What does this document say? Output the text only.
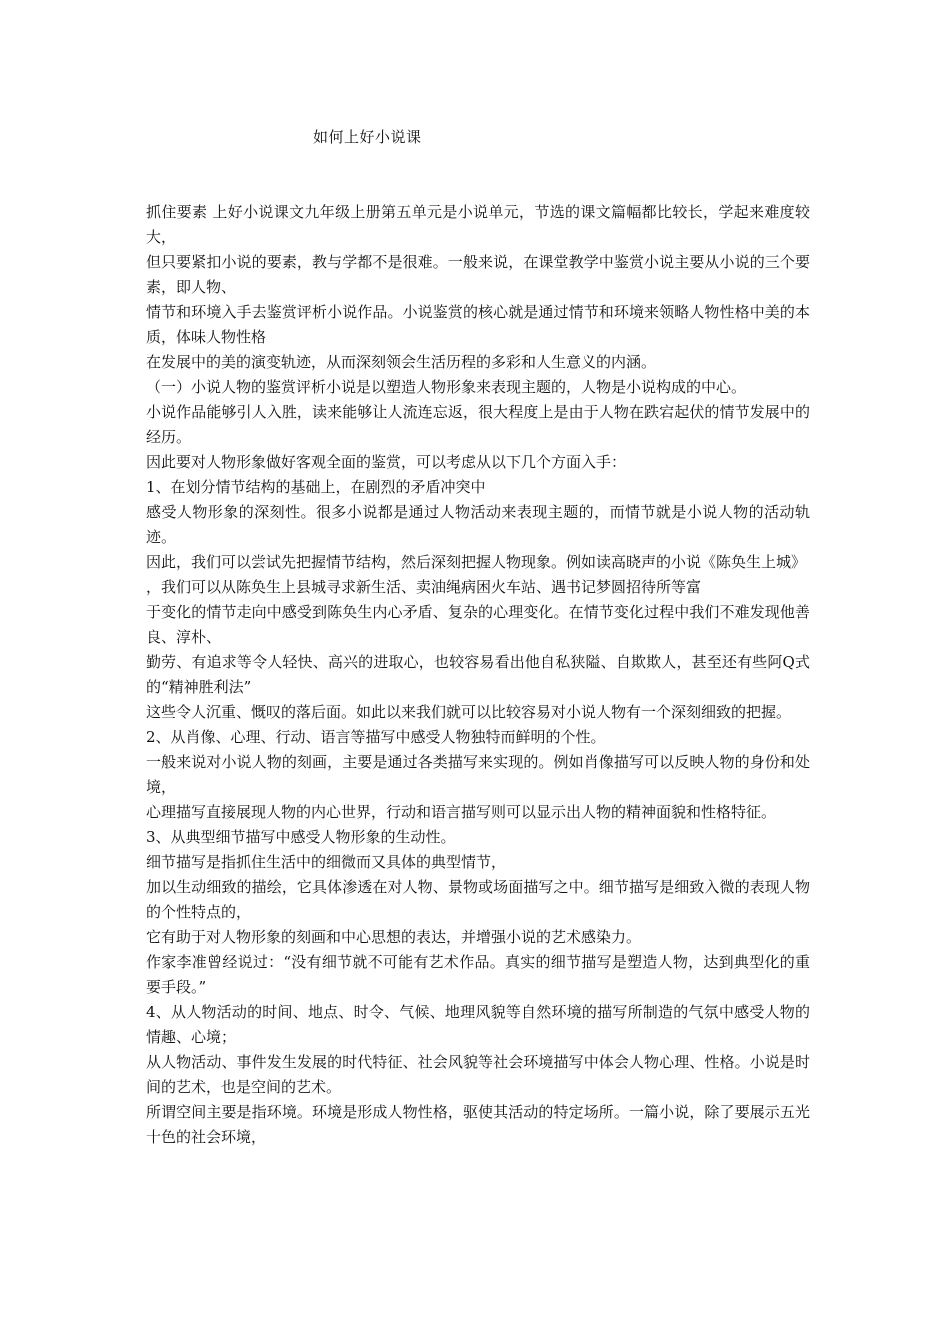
如何上好小说课

抓住要素 上好小说课文九年级上册第五单元是小说单元，节选的课文篇幅都比较长，学起来难度较大，

但只要紧扣小说的要素，教与学都不是很难。一般来说，在课堂教学中鉴赏小说主要从小说的三个要素，即人物、

情节和环境入手去鉴赏评析小说作品。小说鉴赏的核心就是通过情节和环境来领略人物性格中美的本质，体味人物性格

在发展中的美的演变轨迹，从而深刻领会生活历程的多彩和人生意义的内涵。

（一）小说人物的鉴赏评析小说是以塑造人物形象来表现主题的，人物是小说构成的中心。

小说作品能够引人入胜，读来能够让人流连忘返，很大程度上是由于人物在跌宕起伏的情节发展中的经历。

因此要对人物形象做好客观全面的鉴赏，可以考虑从以下几个方面入手：

1、在划分情节结构的基础上，在剧烈的矛盾冲突中

感受人物形象的深刻性。很多小说都是通过人物活动来表现主题的，而情节就是小说人物的活动轨迹。

因此，我们可以尝试先把握情节结构，然后深刻把握人物现象。例如读高晓声的小说《陈奂生上城》

，我们可以从陈奂生上县城寻求新生活、卖油绳病困火车站、遇书记梦圆招待所等富

于变化的情节走向中感受到陈奂生内心矛盾、复杂的心理变化。在情节变化过程中我们不难发现他善良、淳朴、

勤劳、有追求等令人轻快、高兴的进取心，也较容易看出他自私狭隘、自欺欺人，甚至还有些阿Q式的“精神胜利法”

这些令人沉重、慨叹的落后面。如此以来我们就可以比较容易对小说人物有一个深刻细致的把握。

2、从肖像、心理、行动、语言等描写中感受人物独特而鲜明的个性。

一般来说对小说人物的刻画，主要是通过各类描写来实现的。例如肖像描写可以反映人物的身份和处境，

心理描写直接展现人物的内心世界，行动和语言描写则可以显示出人物的精神面貌和性格特征。

3、从典型细节描写中感受人物形象的生动性。

细节描写是指抓住生活中的细微而又具体的典型情节，

加以生动细致的描绘，它具体渗透在对人物、景物或场面描写之中。细节描写是细致入微的表现人物的个性特点的，

它有助于对人物形象的刻画和中心思想的表达，并增强小说的艺术感染力。

作家李准曾经说过：“没有细节就不可能有艺术作品。真实的细节描写是塑造人物，达到典型化的重要手段。”

4、从人物活动的时间、地点、时令、气候、地理风貌等自然环境的描写所制造的气氛中感受人物的情趣、心境；

从人物活动、事件发生发展的时代特征、社会风貌等社会环境描写中体会人物心理、性格。小说是时间的艺术，也是空间的艺术。

所谓空间主要是指环境。环境是形成人物性格，驱使其活动的特定场所。一篇小说，除了要展示五光十色的社会环境，
